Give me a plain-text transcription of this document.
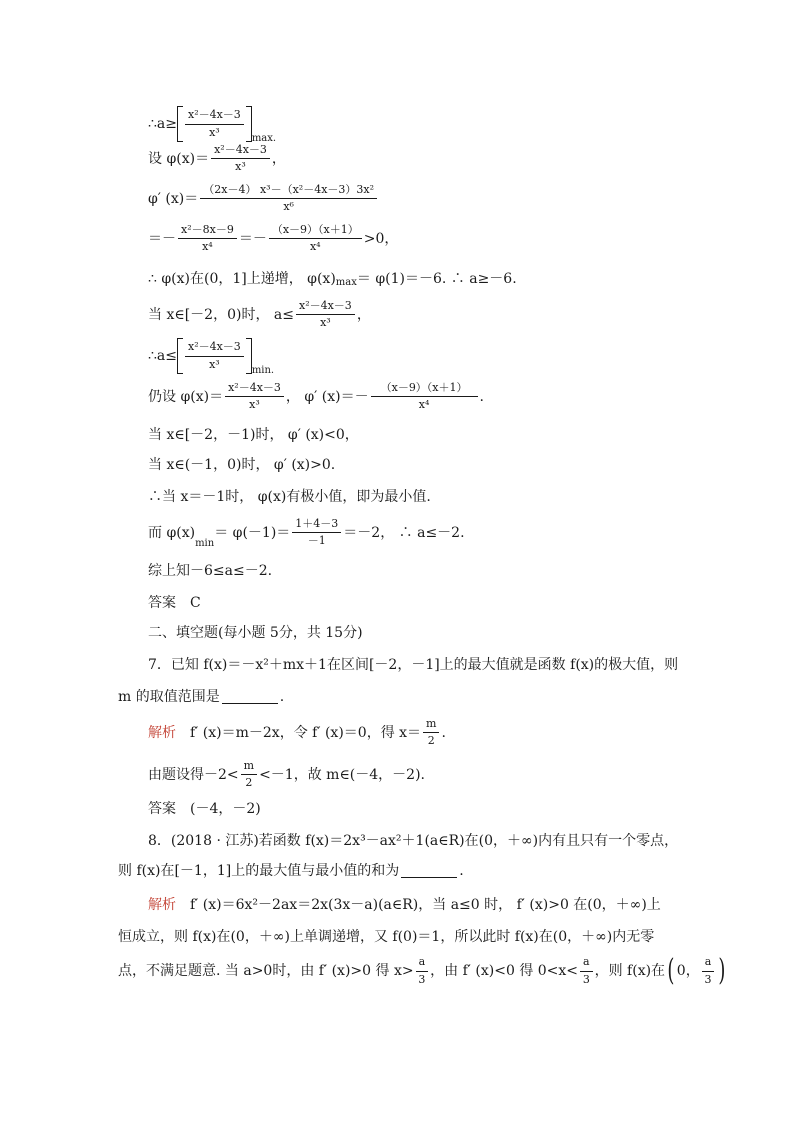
∴a≥ $\frac{\text{x²－4x－3}}{\text{x³}} \max$.
设 $\varphi(x)= \frac{\text{x²－4x－3}}{\text{x³}}$ ，
φ′ $(x)= \frac{\text{（2x－4） x³－（x²－4x－3）3x²}}{\text{x⁶}}$
＝－ $\frac{\text{x²－8x－9}}{\text{x⁴}} =- \frac{(x-9)(x+1)}{\text{x⁴}} >0$，
∴ φ(x)在(0，1]上递增， φ(x) max ＝ φ(1)＝－6. ∴ a≥－6.
当 x∈[－2，0)时， $a\le \frac{\text{x²－4x－3}}{\text{x³}}$ ，
∴a≤ $\frac{\text{x²－4x－3}}{\text{x³}} \min$.
仍设 $\varphi(x)= \frac{\text{x²－4x－3}}{\text{x³}}$ ， φ′ $(x)=- \frac{(x-9)(x+1)}{\text{x⁴}}$ .
当 x∈[－2，－1)时， φ′ (x)<0，
当 x∈(－1，0)时， φ′ (x)>0.
∴当 x＝－1时， φ(x)有极小值，即为最小值.
而 φ(x)
min
＝ $\varphi(-1)= \frac{1+4-3}{-1} =-2$， ∴ a≤－2.
综上知－6≤a≤－2.
答案　C
二、填空题(每小题 5分，共 15分)
7．已知 f(x)＝－x²＋mx＋1在区间[－2，－1]上的最大值就是函数 f(x)的极大值，则
m 的取值范围是	.
解析 　f′ (x)＝m－2x，令 f′ (x)＝0，得 $x= \frac{m}{2}$ .
由题设得$-2< \frac{m}{2} <-1$，故 m∈(－4，－2).
答案　(－4，－2)
8．(2018 · 江苏)若函数 f(x)＝2x³－ax²＋1(a∈R)在(0，＋∞)内有且只有一个零点，
则 f(x)在[－1，1]上的最大值与最小值的和为	.
解析 　f′ (x)＝6x²－2ax＝2x(3x－a)(a∈R)，当 a≤0 时， f′ (x)>0 在(0，＋∞)上
恒成立，则 f(x)在(0，＋∞)上单调递增，又 f(0)＝1，所以此时 f(x)在(0，＋∞)内无零
点，不满足题意. 当 a>0时，由 f′ (x)>0 得 $x> \frac{a}{3}$ ，由 f′ (x)<0 得 $0<x< \frac{a}{3}$ ，则 f(x)在 ( 0， $\frac{a}{3}$ )
